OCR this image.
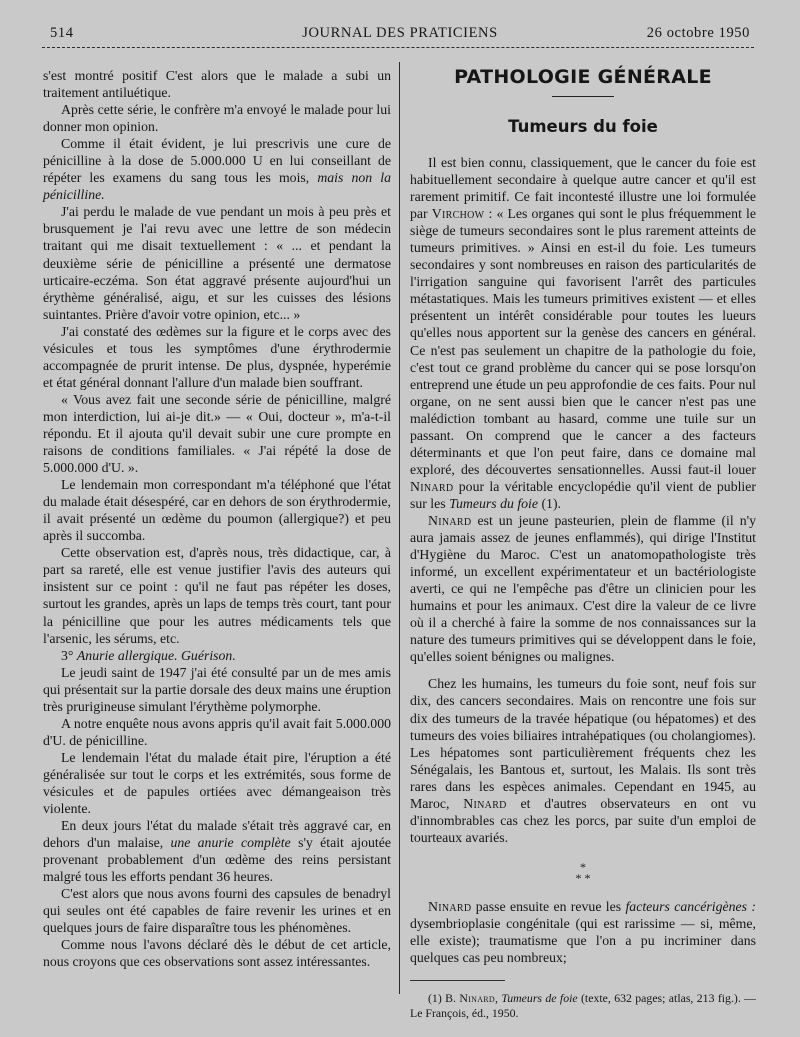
514	JOURNAL DES PRATICIENS	26 octobre 1950

s'est montré positif C'est alors que le malade a subi un traitement antiluétique.

Après cette série, le confrère m'a envoyé le malade pour lui donner mon opinion.

Comme il était évident, je lui prescrivis une cure de pénicilline à la dose de 5.000.000 U en lui conseillant de répéter les examens du sang tous les mois, mais non la pénicilline.

J'ai perdu le malade de vue pendant un mois à peu près et brusquement je l'ai revu avec une lettre de son médecin traitant qui me disait textuellement : « ... et pendant la deuxième série de pénicilline a présenté une dermatose urticaire-eczéma. Son état aggravé présente aujourd'hui un érythème généralisé, aigu, et sur les cuisses des lésions suintantes. Prière d'avoir votre opinion, etc... »

J'ai constaté des œdèmes sur la figure et le corps avec des vésicules et tous les symptômes d'une érythrodermie accompagnée de prurit intense. De plus, dyspnée, hyperémie et état général donnant l'allure d'un malade bien souffrant.

« Vous avez fait une seconde série de pénicilline, malgré mon interdiction, lui ai-je dit.» — « Oui, docteur », m'a-t-il répondu. Et il ajouta qu'il devait subir une cure prompte en raisons de conditions familiales. « J'ai répété la dose de 5.000.000 d'U. ».

Le lendemain mon correspondant m'a téléphoné que l'état du malade était désespéré, car en dehors de son érythrodermie, il avait présenté un œdème du poumon (allergique?) et peu après il succomba.

Cette observation est, d'après nous, très didactique, car, à part sa rareté, elle est venue justifier l'avis des auteurs qui insistent sur ce point : qu'il ne faut pas répéter les doses, surtout les grandes, après un laps de temps très court, tant pour la pénicilline que pour les autres médicaments tels que l'arsenic, les sérums, etc.

3° Anurie allergique. Guérison.

Le jeudi saint de 1947 j'ai été consulté par un de mes amis qui présentait sur la partie dorsale des deux mains une éruption très prurigineuse simulant l'érythème polymorphe.

A notre enquête nous avons appris qu'il avait fait 5.000.000 d'U. de pénicilline.

Le lendemain l'état du malade était pire, l'éruption a été généralisée sur tout le corps et les extrémités, sous forme de vésicules et de papules ortiées avec démangeaison très violente.

En deux jours l'état du malade s'était très aggravé car, en dehors d'un malaise, une anurie complète s'y était ajoutée provenant probablement d'un œdème des reins persistant malgré tous les efforts pendant 36 heures.

C'est alors que nous avons fourni des capsules de benadryl qui seules ont été capables de faire revenir les urines et en quelques jours de faire disparaître tous les phénomènes.

Comme nous l'avons déclaré dès le début de cet article, nous croyons que ces observations sont assez intéressantes.

PATHOLOGIE GÉNÉRALE
Tumeurs du foie

Il est bien connu, classiquement, que le cancer du foie est habituellement secondaire à quelque autre cancer et qu'il est rarement primitif. Ce fait incontesté illustre une loi formulée par Virchow : « Les organes qui sont le plus fréquemment le siège de tumeurs secondaires sont le plus rarement atteints de tumeurs primitives. » Ainsi en est-il du foie. Les tumeurs secondaires y sont nombreuses en raison des particularités de l'irrigation sanguine qui favorisent l'arrêt des particules métastatiques. Mais les tumeurs primitives existent — et elles présentent un intérêt considérable pour toutes les lueurs qu'elles nous apportent sur la genèse des cancers en général. Ce n'est pas seulement un chapitre de la pathologie du foie, c'est tout ce grand problème du cancer qui se pose lorsqu'on entreprend une étude un peu approfondie de ces faits. Pour nul organe, on ne sent aussi bien que le cancer n'est pas une malédiction tombant au hasard, comme une tuile sur un passant. On comprend que le cancer a des facteurs déterminants et que l'on peut faire, dans ce domaine mal exploré, des découvertes sensationnelles. Aussi faut-il louer Ninard pour la véritable encyclopédie qu'il vient de publier sur les Tumeurs du foie (1).

Ninard est un jeune pasteurien, plein de flamme (il n'y aura jamais assez de jeunes enflammés), qui dirige l'Institut d'Hygiène du Maroc. C'est un anatomopathologiste très informé, un excellent expérimentateur et un bactériologiste averti, ce qui ne l'empêche pas d'être un clinicien pour les humains et pour les animaux. C'est dire la valeur de ce livre où il a cherché à faire la somme de nos connaissances sur la nature des tumeurs primitives qui se développent dans le foie, qu'elles soient bénignes ou malignes.

Chez les humains, les tumeurs du foie sont, neuf fois sur dix, des cancers secondaires. Mais on rencontre une fois sur dix des tumeurs de la travée hépatique (ou hépatomes) et des tumeurs des voies biliaires intrahépatiques (ou cholangiomes). Les hépatomes sont particulièrement fréquents chez les Sénégalais, les Bantous et, surtout, les Malais. Ils sont très rares dans les espèces animales. Cependant en 1945, au Maroc, Ninard et d'autres observateurs en ont vu d'innombrables cas chez les porcs, par suite d'un emploi de tourteaux avariés.

*
* *

Ninard passe ensuite en revue les facteurs cancérigènes : dysembrioplasie congénitale (qui est rarissime — si, même, elle existe); traumatisme que l'on a pu incriminer dans quelques cas peu nombreux;

(1) B. Ninard, Tumeurs de foie (texte, 632 pages; atlas, 213 fig.). — Le François, éd., 1950.
